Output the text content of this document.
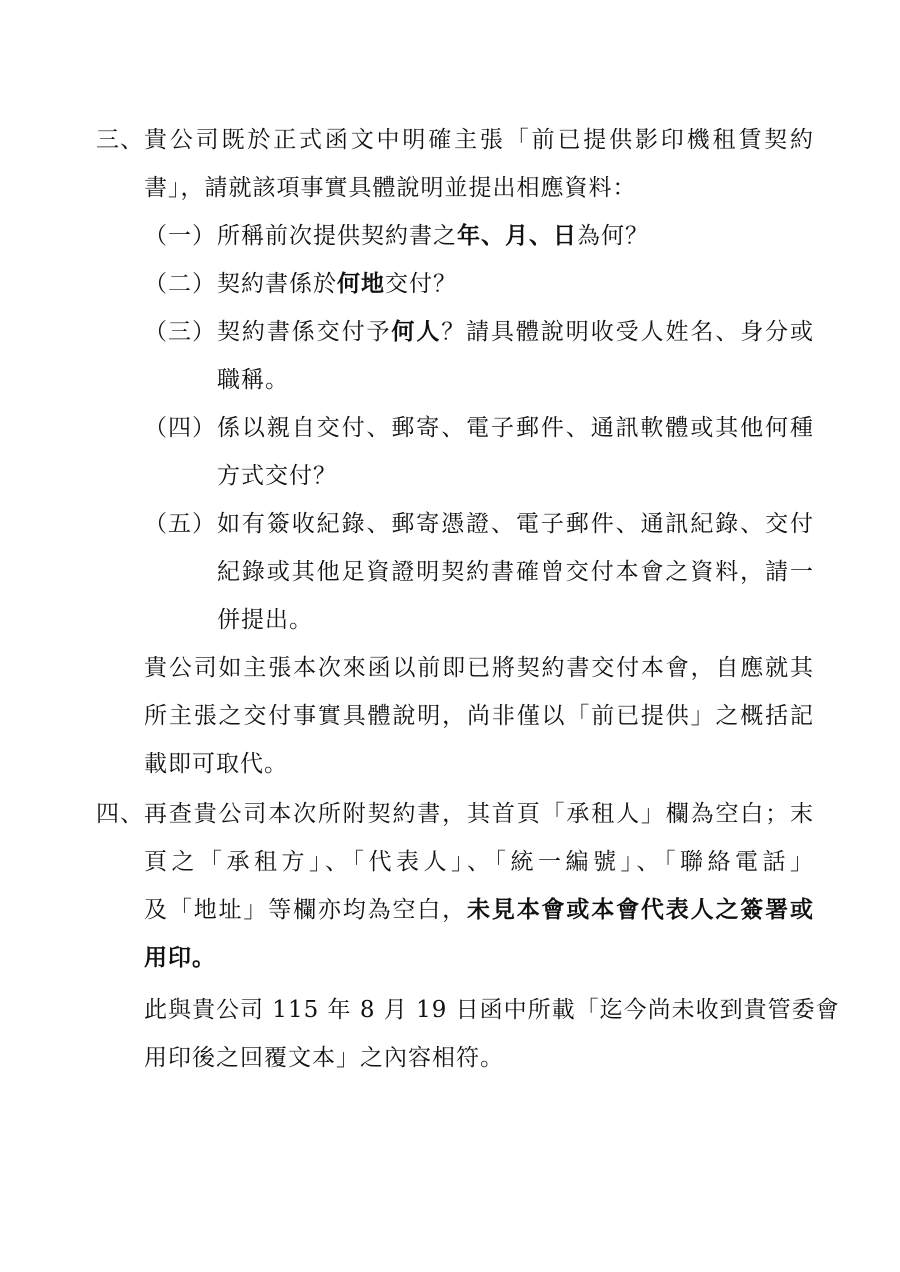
三、 貴公司既於正式函文中明確主張「前已提供影印機租賃契約
書」，請就該項事實具體說明並提出相應資料：
（一） 所稱前次提供契約書之年、月、日為何？
（二） 契約書係於何地交付？
（三） 契約書係交付予何人？請具體說明收受人姓名、身分或
職稱。
（四） 係以親自交付、郵寄、電子郵件、通訊軟體或其他何種
方式交付？
（五） 如有簽收紀錄、郵寄憑證、電子郵件、通訊紀錄、交付
紀錄或其他足資證明契約書確曾交付本會之資料，請一
併提出。
貴公司如主張本次來函以前即已將契約書交付本會，自應就其
所主張之交付事實具體說明，尚非僅以「前已提供」之概括記
載即可取代。
四、 再查貴公司本次所附契約書，其首頁「承租人」欄為空白；末
頁之「承租方」、「代表人」、「統一編號」、「聯絡電話」
及「地址」等欄亦均為空白，未見本會或本會代表人之簽署或
用印。
此與貴公司 115 年 8 月 19 日函中所載「迄今尚未收到貴管委會
用印後之回覆文本」之內容相符。
